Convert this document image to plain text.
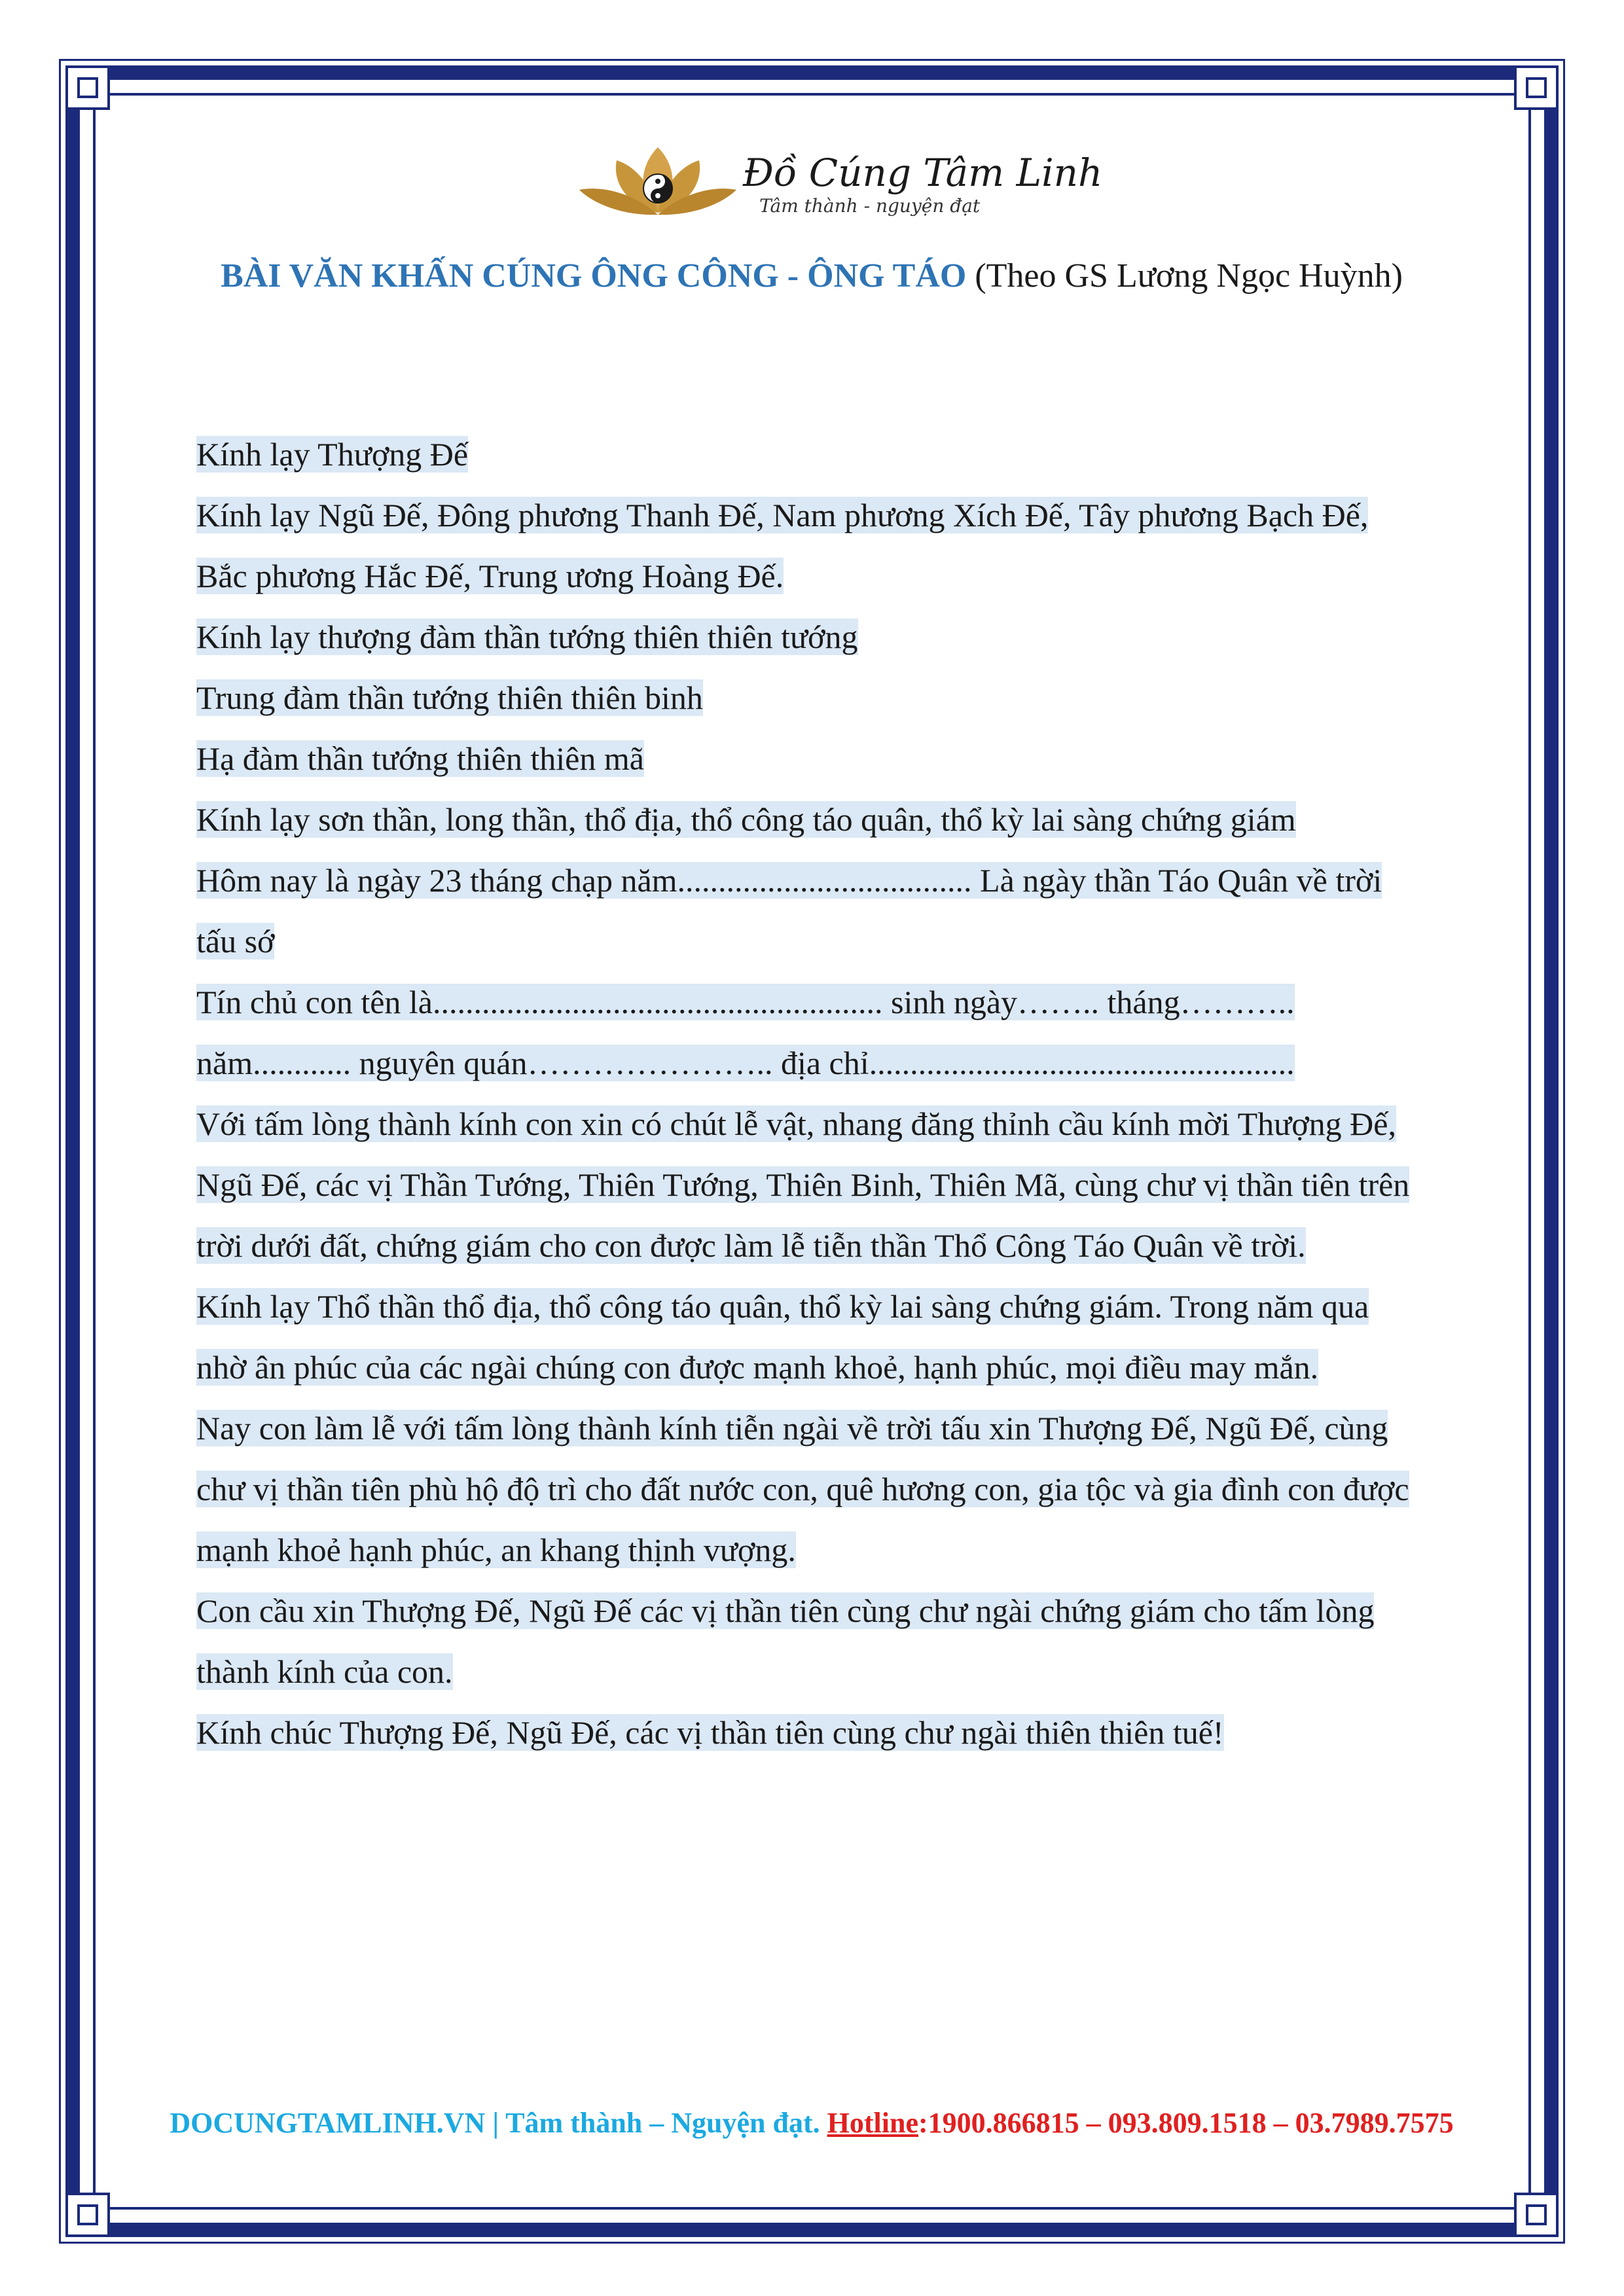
Đồ Cúng Tâm Linh
Tâm thành - nguyện đạt
BÀI VĂN KHẤN CÚNG ÔNG CÔNG - ÔNG TÁO (Theo GS Lương Ngọc Huỳnh)

Kính lạy Thượng Đế

Kính lạy Ngũ Đế, Đông phương Thanh Đế, Nam phương Xích Đế, Tây phương Bạch Đế, Bắc phương Hắc Đế, Trung ương Hoàng Đế.

Kính lạy thượng đàm thần tướng thiên thiên tướng

Trung đàm thần tướng thiên thiên binh

Hạ đàm thần tướng thiên thiên mã

Kính lạy sơn thần, long thần, thổ địa, thổ công táo quân, thổ kỳ lai sàng chứng giám

Hôm nay là ngày 23 tháng chạp năm.................................... Là ngày thần Táo Quân về trời tấu sớ

Tín chủ con tên là....................................................... sinh ngày…….. tháng……….. năm............ nguyên quán………………….. địa chỉ....................................................

Với tấm lòng thành kính con xin có chút lễ vật, nhang đăng thỉnh cầu kính mời Thượng Đế, Ngũ Đế, các vị Thần Tướng, Thiên Tướng, Thiên Binh, Thiên Mã, cùng chư vị thần tiên trên trời dưới đất, chứng giám cho con được làm lễ tiễn thần Thổ Công Táo Quân về trời.

Kính lạy Thổ thần thổ địa, thổ công táo quân, thổ kỳ lai sàng chứng giám. Trong năm qua nhờ ân phúc của các ngài chúng con được mạnh khoẻ, hạnh phúc, mọi điều may mắn.

Nay con làm lễ với tấm lòng thành kính tiễn ngài về trời tấu xin Thượng Đế, Ngũ Đế, cùng chư vị thần tiên phù hộ độ trì cho đất nước con, quê hương con, gia tộc và gia đình con được mạnh khoẻ hạnh phúc, an khang thịnh vượng.

Con cầu xin Thượng Đế, Ngũ Đế các vị thần tiên cùng chư ngài chứng giám cho tấm lòng thành kính của con.

Kính chúc Thượng Đế, Ngũ Đế, các vị thần tiên cùng chư ngài thiên thiên tuế!

DOCUNGTAMLINH.VN | Tâm thành – Nguyện đạt. Hotline:1900.866815 – 093.809.1518 – 03.7989.7575
